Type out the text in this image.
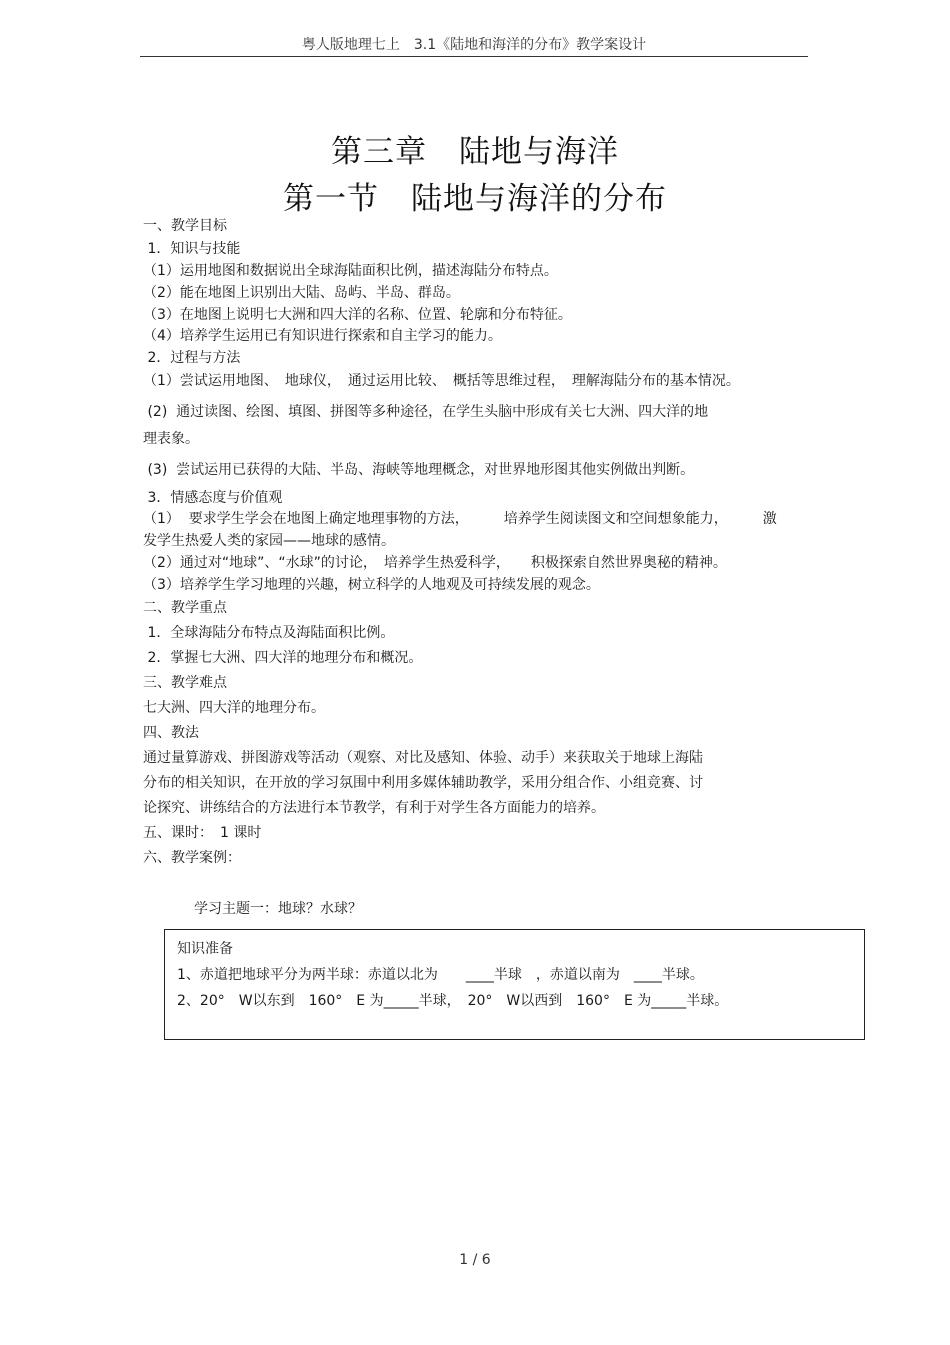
粤人版地理七上　3.1《陆地和海洋的分布》教学案设计
第三章　陆地与海洋
第一节　陆地与海洋的分布
一、教学目标
1．知识与技能
（1）运用地图和数据说出全球海陆面积比例，描述海陆分布特点。
（2）能在地图上识别出大陆、岛屿、半岛、群岛。
（3）在地图上说明七大洲和四大洋的名称、位置、轮廓和分布特征。
（4）培养学生运用已有知识进行探索和自主学习的能力。
2．过程与方法
（1）尝试运用地图、　地球仪，　通过运用比较、　概括等思维过程，　理解海陆分布的基本情况。
(2)  通过读图、绘图、填图、拼图等多种途径，在学生头脑中形成有关七大洲、四大洋的地
理表象。
(3)  尝试运用已获得的大陆、半岛、海峡等地理概念，对世界地形图其他实例做出判断。
3．情感态度与价值观
（1）  要求学生学会在地图上确定地理事物的方法，　　　培养学生阅读图文和空间想象能力，　　　激
发学生热爱人类的家园——地球的感情。
（2）通过对“地球”、“水球”的讨论，　培养学生热爱科学，　　积极探索自然世界奥秘的精神。
（3）培养学生学习地理的兴趣，树立科学的人地观及可持续发展的观念。
二、教学重点
1．全球海陆分布特点及海陆面积比例。
2．掌握七大洲、四大洋的地理分布和概况。
三、教学难点
七大洲、四大洋的地理分布。
四、教法
通过量算游戏、拼图游戏等活动（观察、对比及感知、体验、动手）来获取关于地球上海陆
分布的相关知识，在开放的学习氛围中利用多媒体辅助教学，采用分组合作、小组竞赛、讨
论探究、讲练结合的方法进行本节教学，有利于对学生各方面能力的培养。
五、课时：　1 课时
六、教学案例：
学习主题一：地球？水球？
知识准备
1、赤道把地球平分为两半球：赤道以北为　　____半球　，赤道以南为　____半球。
2、20°　W以东到　160°　E 为_____半球，　20°　W以西到　160°　E 为_____半球。
1 / 6
